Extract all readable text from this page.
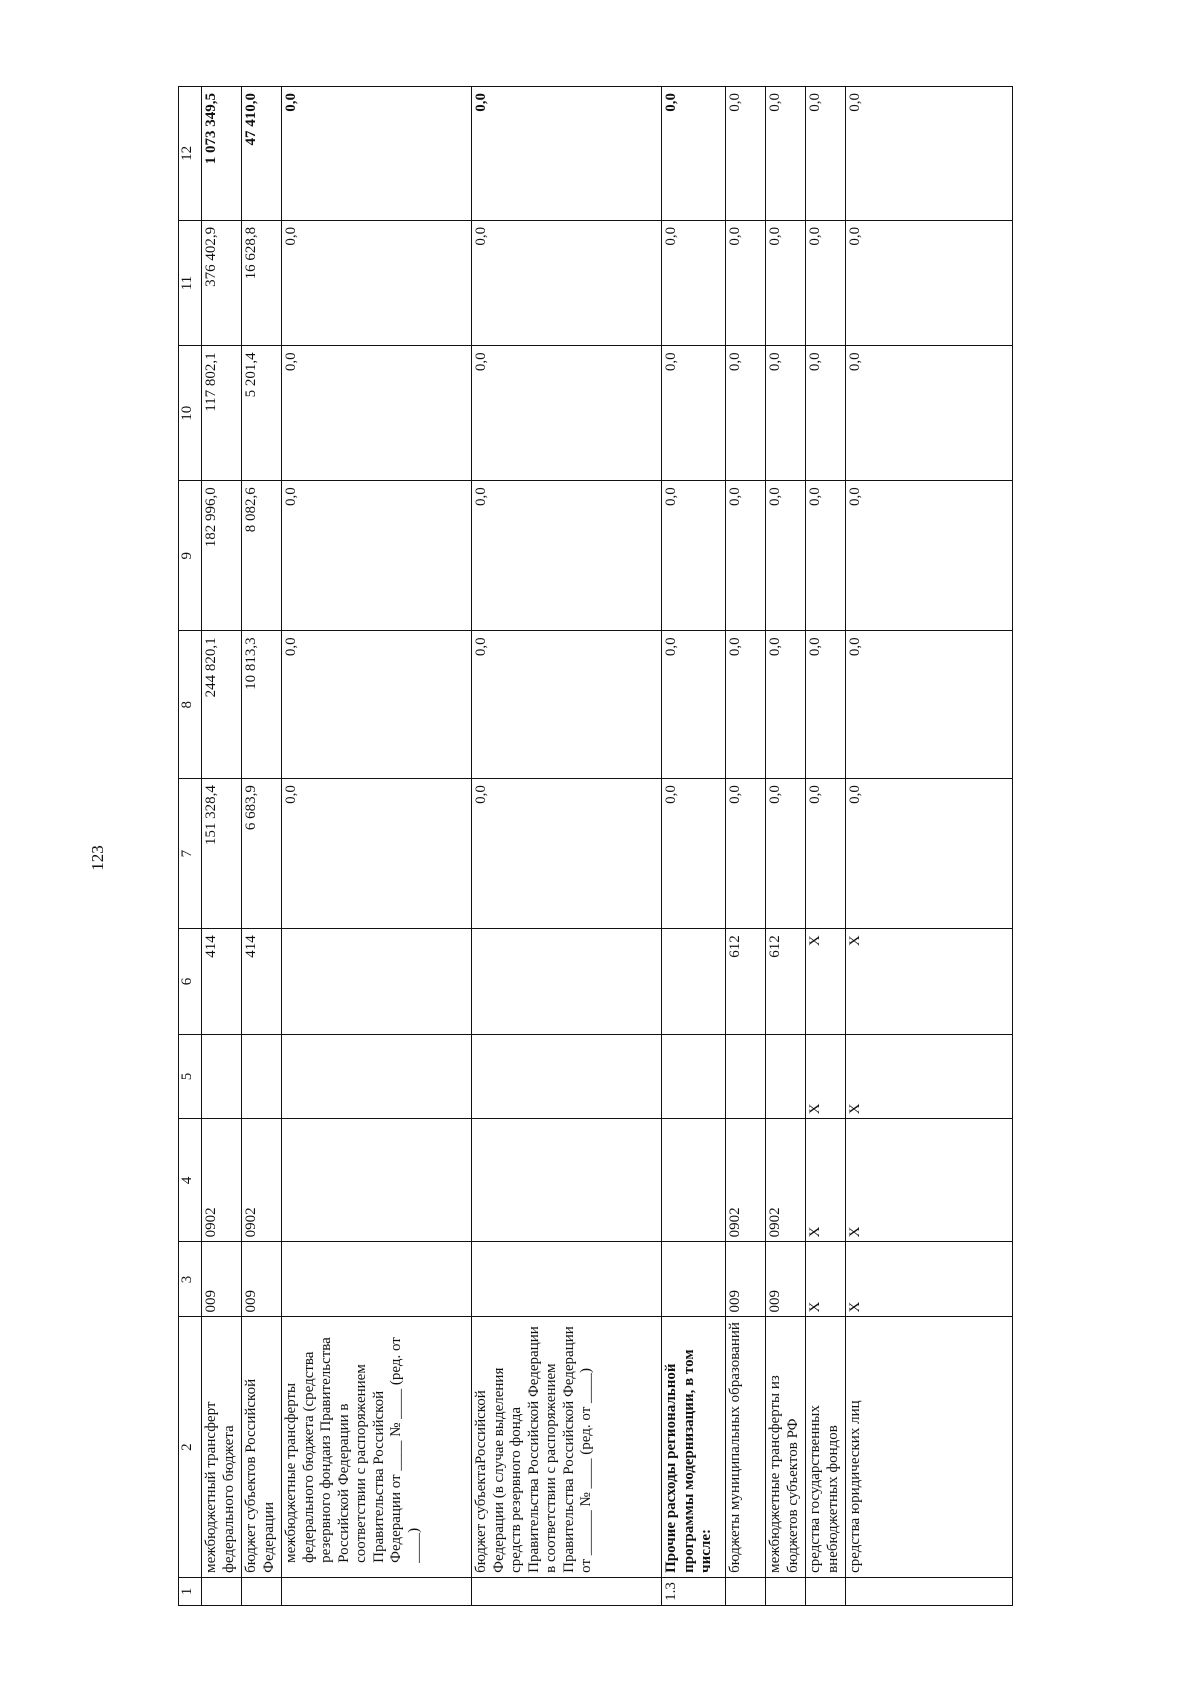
123
1	2	3	4	5	6	7	8	9	10	11	12
	межбюджетный трансферт федерального бюджета	009	0902		414	151 328,4	244 820,1	182 996,0	117 802,1	376 402,9	1 073 349,5
	бюджет субъектов Российской Федерации	009	0902		414	6 683,9	10 813,3	8 082,6	5 201,4	16 628,8	47 410,0
	межбюджетные трансферты федерального бюджета (средства резервного фондаиз Правительства Российской Федерации в соответствии с распоряжением Правительства Российской Федерации от ____ № ____ (ред. от ____)					0,0	0,0	0,0	0,0	0,0	0,0
	бюджет субъектаРоссийской Федерации (в случае выделения средств резервного фонда Правительства Российской Федерации в соответствии с распоряжением Правительства Российской Федерации от ______ № ____ (ред. от ____)					0,0	0,0	0,0	0,0	0,0	0,0
1.3	Прочие расходы региональной программы модернизации, в том числе:					0,0	0,0	0,0	0,0	0,0	0,0
	бюджеты муниципальных образований	009	0902		612	0,0	0,0	0,0	0,0	0,0	0,0
	межбюджетные трансферты из бюджетов субъектов РФ	009	0902		612	0,0	0,0	0,0	0,0	0,0	0,0
	средства государственных внебюджетных фондов	Х	Х	Х	Х	0,0	0,0	0,0	0,0	0,0	0,0
	средства юридических лиц	Х	Х	Х	Х	0,0	0,0	0,0	0,0	0,0	0,0
